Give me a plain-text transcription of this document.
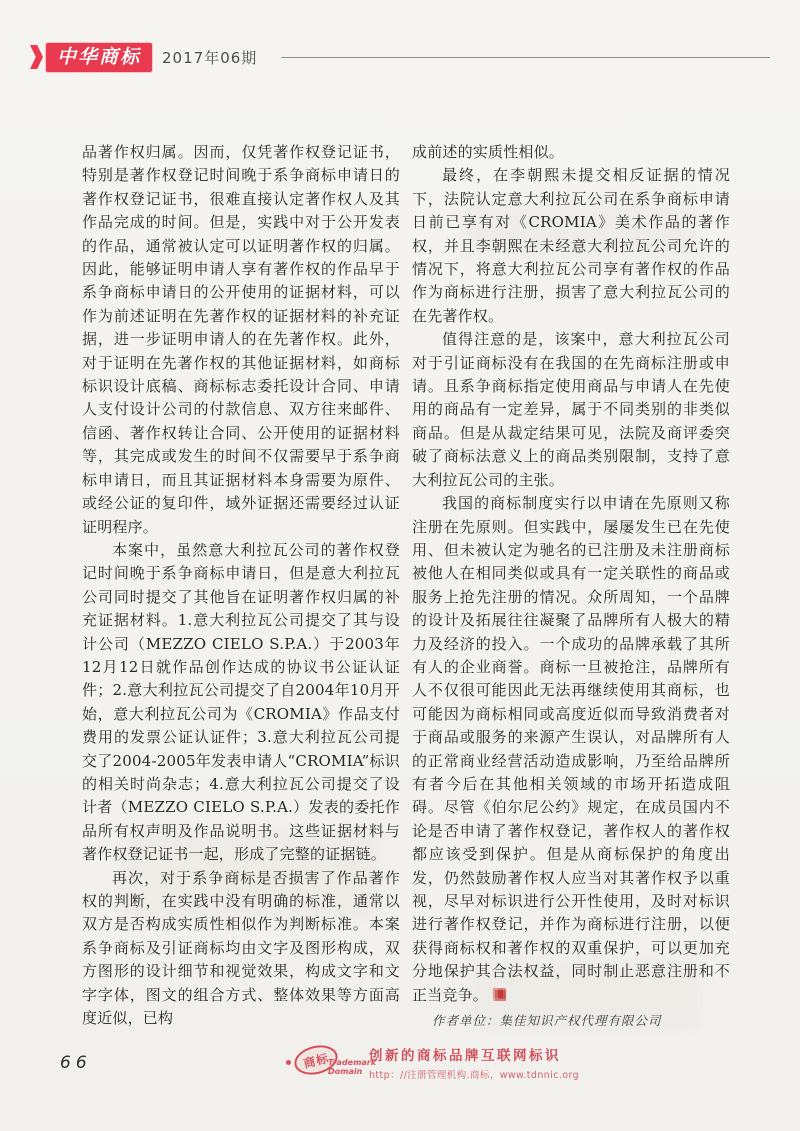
中华商标	2017年06期

品著作权归属。因而，仅凭著作权登记证书，特别是著作权登记时间晚于系争商标申请日的著作权登记证书，很难直接认定著作权人及其作品完成的时间。但是，实践中对于公开发表的作品，通常被认定可以证明著作权的归属。因此，能够证明申请人享有著作权的作品早于系争商标申请日的公开使用的证据材料，可以作为前述证明在先著作权的证据材料的补充证据，进一步证明申请人的在先著作权。此外，对于证明在先著作权的其他证据材料，如商标标识设计底稿、商标标志委托设计合同、申请人支付设计公司的付款信息、双方往来邮件、信函、著作权转让合同、公开使用的证据材料等，其完成或发生的时间不仅需要早于系争商标申请日，而且其证据材料本身需要为原件、或经公证的复印件，域外证据还需要经过认证证明程序。

本案中，虽然意大利拉瓦公司的著作权登记时间晚于系争商标申请日，但是意大利拉瓦公司同时提交了其他旨在证明著作权归属的补充证据材料。1.意大利拉瓦公司提交了其与设计公司（MEZZO CIELO S.P.A.）于2003年12月12日就作品创作达成的协议书公证认证件；2.意大利拉瓦公司提交了自2004年10月开始，意大利拉瓦公司为《CROMIA》作品支付费用的发票公证认证件；3.意大利拉瓦公司提交了2004-2005年发表申请人“CROMIA”标识的相关时尚杂志；4.意大利拉瓦公司提交了设计者（MEZZO CIELO S.P.A.）发表的委托作品所有权声明及作品说明书。这些证据材料与著作权登记证书一起，形成了完整的证据链。

再次，对于系争商标是否损害了作品著作权的判断，在实践中没有明确的标准，通常以双方是否构成实质性相似作为判断标准。本案系争商标及引证商标均由文字及图形构成，双方图形的设计细节和视觉效果，构成文字和文字字体，图文的组合方式、整体效果等方面高度近似，已构

成前述的实质性相似。

最终，在李朝熙未提交相反证据的情况下，法院认定意大利拉瓦公司在系争商标申请日前已享有对《CROMIA》美术作品的著作权，并且李朝熙在未经意大利拉瓦公司允许的情况下，将意大利拉瓦公司享有著作权的作品作为商标进行注册，损害了意大利拉瓦公司的在先著作权。

值得注意的是，该案中，意大利拉瓦公司对于引证商标没有在我国的在先商标注册或申请。且系争商标指定使用商品与申请人在先使用的商品有一定差异，属于不同类别的非类似商品。但是从裁定结果可见，法院及商评委突破了商标法意义上的商品类别限制，支持了意大利拉瓦公司的主张。

我国的商标制度实行以申请在先原则又称注册在先原则。但实践中，屡屡发生已在先使用、但未被认定为驰名的已注册及未注册商标被他人在相同类似或具有一定关联性的商品或服务上抢先注册的情况。众所周知，一个品牌的设计及拓展往往凝聚了品牌所有人极大的精力及经济的投入。一个成功的品牌承载了其所有人的企业商誉。商标一旦被抢注，品牌所有人不仅很可能因此无法再继续使用其商标，也可能因为商标相同或高度近似而导致消费者对于商品或服务的来源产生误认，对品牌所有人的正常商业经营活动造成影响，乃至给品牌所有者今后在其他相关领域的市场开拓造成阻碍。尽管《伯尔尼公约》规定，在成员国内不论是否申请了著作权登记，著作权人的著作权都应该受到保护。但是从商标保护的角度出发，仍然鼓励著作权人应当对其著作权予以重视，尽早对标识进行公开性使用，及时对标识进行著作权登记，并作为商标进行注册，以便获得商标权和著作权的双重保护，可以更加充分地保护其合法权益，同时制止恶意注册和不正当竞争。

作者单位：集佳知识产权代理有限公司

66	商标
Trademark
Domain
创新的商标品牌互联网标识
http：//注册管理机构.商标，www.tdnnic.org
